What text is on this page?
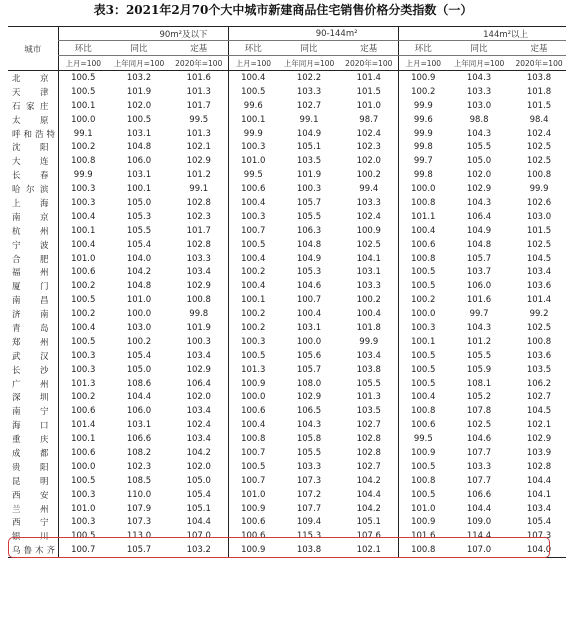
表3：2021年2月70个大中城市新建商品住宅销售价格分类指数（一）
城市	90m²及以下			90-144m²			144m²以上		
	环比	同比	定基	环比	同比	定基	环比	同比	定基
	上月=100	上年同月=100	2020年=100	上月=100	上年同月=100	2020年=100	上月=100	上年同月=100	2020年=100
北京	100.5	103.2	101.6	100.4	102.2	101.4	100.9	104.3	103.8
天津	100.5	101.9	101.3	100.5	103.3	101.5	100.2	103.3	101.8
石家庄	100.1	102.0	101.7	99.6	102.7	101.0	99.9	103.0	101.5
太原	100.0	100.5	99.5	100.1	99.1	98.7	99.6	98.8	98.4
呼和浩特	99.1	103.1	101.3	99.9	104.9	102.4	99.9	104.3	102.4
沈阳	100.2	104.8	102.1	100.3	105.1	102.3	99.8	105.5	102.5
大连	100.8	106.0	102.9	101.0	103.5	102.0	99.7	105.0	102.5
长春	99.9	103.1	101.2	99.5	101.9	100.2	99.8	102.0	100.8
哈尔滨	100.3	100.1	99.1	100.6	100.3	99.4	100.0	102.9	99.9
上海	100.3	105.0	102.8	100.4	105.7	103.3	100.8	104.3	102.6
南京	100.4	105.3	102.3	100.3	105.5	102.4	101.1	106.4	103.0
杭州	100.1	105.5	101.7	100.7	106.3	100.9	100.4	104.9	101.5
宁波	100.4	105.4	102.8	100.5	104.8	102.5	100.6	104.8	102.5
合肥	101.0	104.0	103.3	100.4	104.9	104.1	100.8	105.7	104.5
福州	100.6	104.2	103.4	100.2	105.3	103.1	100.5	103.7	103.4
厦门	100.2	104.8	102.9	100.4	104.6	103.3	100.5	106.0	103.6
南昌	100.5	101.0	100.8	100.1	100.7	100.2	100.2	101.6	101.4
济南	100.2	100.0	99.8	100.2	100.4	100.4	100.0	99.7	99.2
青岛	100.4	103.0	101.9	100.2	103.1	101.8	100.3	104.3	102.5
郑州	100.5	100.2	100.3	100.3	100.0	99.9	100.1	101.2	100.8
武汉	100.3	105.4	103.4	100.5	105.6	103.4	100.5	105.5	103.6
长沙	100.3	105.0	102.9	101.3	105.7	103.8	100.5	105.9	103.5
广州	101.3	108.6	106.4	100.9	108.0	105.5	100.5	108.1	106.2
深圳	100.2	104.4	102.0	100.0	102.9	101.3	100.4	105.2	102.7
南宁	100.6	106.0	103.4	100.6	106.5	103.5	100.8	107.8	104.5
海口	101.4	103.1	102.4	100.4	104.3	102.7	100.6	102.5	102.1
重庆	100.1	106.6	103.4	100.8	105.8	102.8	99.5	104.6	102.9
成都	100.6	108.2	104.2	100.7	105.5	102.8	100.9	107.7	103.9
贵阳	100.0	102.3	102.0	100.5	103.3	102.7	100.5	103.3	102.8
昆明	100.5	108.5	105.0	100.7	107.3	104.2	100.8	107.7	104.4
西安	100.3	110.0	105.4	101.0	107.2	104.4	100.5	106.6	104.1
兰州	101.0	107.9	105.1	100.9	107.7	104.2	101.0	104.4	103.4
西宁	100.3	107.3	104.4	100.6	109.4	105.1	100.9	109.0	105.4
银川	100.5	113.0	107.0	100.6	115.3	107.6	101.6	114.4	107.3
乌鲁木齐	100.7	105.7	103.2	100.9	103.8	102.1	100.8	107.0	104.0
